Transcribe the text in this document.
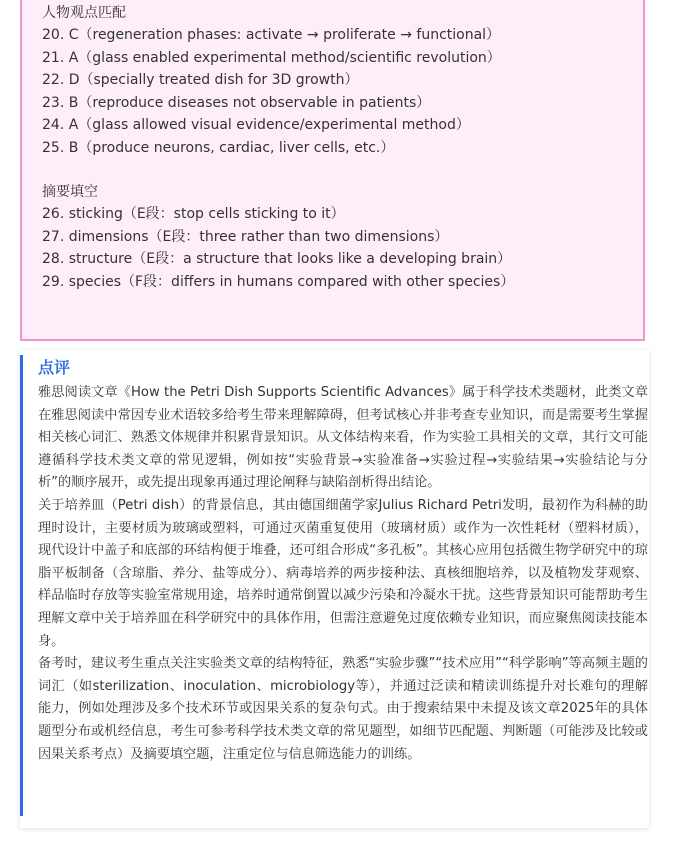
人物观点匹配
20. C（regeneration phases: activate → proliferate → functional）
21. A（glass enabled experimental method/scientific revolution）
22. D（specially treated dish for 3D growth）
23. B（reproduce diseases not observable in patients）
24. A（glass allowed visual evidence/experimental method）
25. B（produce neurons, cardiac, liver cells, etc.）
摘要填空
26. sticking（E段：stop cells sticking to it）
27. dimensions（E段：three rather than two dimensions）
28. structure（E段：a structure that looks like a developing brain）
29. species（F段：differs in humans compared with other species）
点评

雅思阅读文章《How the Petri Dish Supports Scientific Advances》属于科学技术类题材，此类文章在雅思阅读中常因专业术语较多给考生带来理解障碍，但考试核心并非考查专业知识，而是需要考生掌握相关核心词汇、熟悉文体规律并积累背景知识。从文体结构来看，作为实验工具相关的文章，其行文可能遵循科学技术类文章的常见逻辑，例如按“实验背景→实验准备→实验过程→实验结果→实验结论与分析”的顺序展开，或先提出现象再通过理论阐释与缺陷剖析得出结论。

关于培养皿（Petri dish）的背景信息，其由德国细菌学家Julius Richard Petri发明，最初作为科赫的助理时设计，主要材质为玻璃或塑料，可通过灭菌重复使用（玻璃材质）或作为一次性耗材（塑料材质），现代设计中盖子和底部的环结构便于堆叠，还可组合形成“多孔板”。其核心应用包括微生物学研究中的琼脂平板制备（含琼脂、养分、盐等成分）、病毒培养的两步接种法、真核细胞培养，以及植物发芽观察、样品临时存放等实验室常规用途，培养时通常倒置以减少污染和冷凝水干扰。这些背景知识可能帮助考生理解文章中关于培养皿在科学研究中的具体作用，但需注意避免过度依赖专业知识，而应聚焦阅读技能本身。

备考时，建议考生重点关注实验类文章的结构特征，熟悉“实验步骤”“技术应用”“科学影响”等高频主题的词汇（如sterilization、inoculation、microbiology等），并通过泛读和精读训练提升对长难句的理解能力，例如处理涉及多个技术环节或因果关系的复杂句式。由于搜索结果中未提及该文章2025年的具体题型分布或机经信息，考生可参考科学技术类文章的常见题型，如细节匹配题、判断题（可能涉及比较或因果关系考点）及摘要填空题，注重定位与信息筛选能力的训练。
